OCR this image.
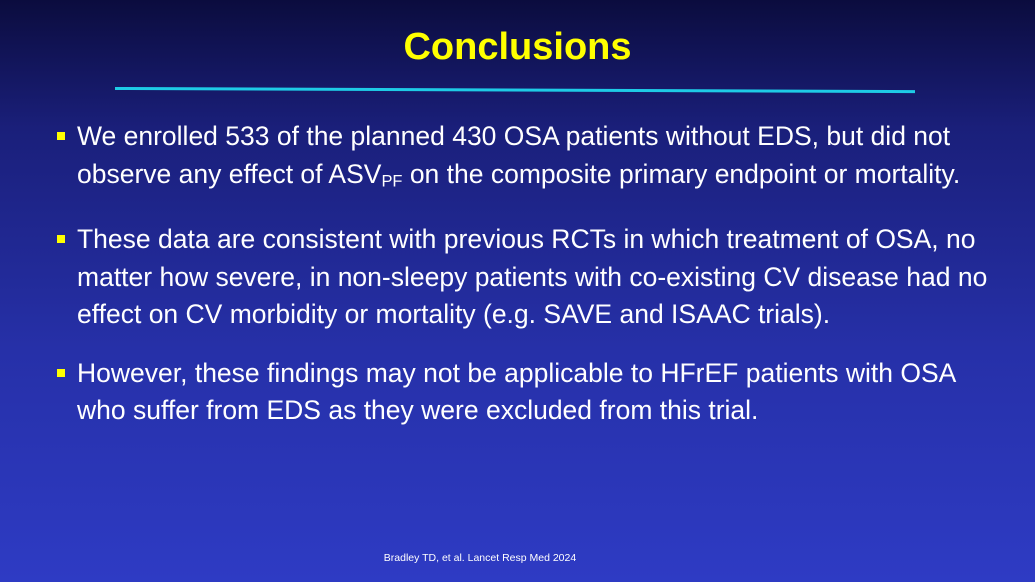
Conclusions
We enrolled 533 of the planned 430 OSA patients without EDS, but did not observe any effect of $ASV_{PF}$ on the composite primary endpoint or mortality.
These data are consistent with previous RCTs in which treatment of OSA, no matter how severe, in non-sleepy patients with co-existing CV disease had no effect on CV morbidity or mortality (e.g. SAVE and ISAAC trials).
However, these findings may not be applicable to HFrEF patients with OSA who suffer from EDS as they were excluded from this trial.
Bradley TD, et al. Lancet Resp Med 2024
